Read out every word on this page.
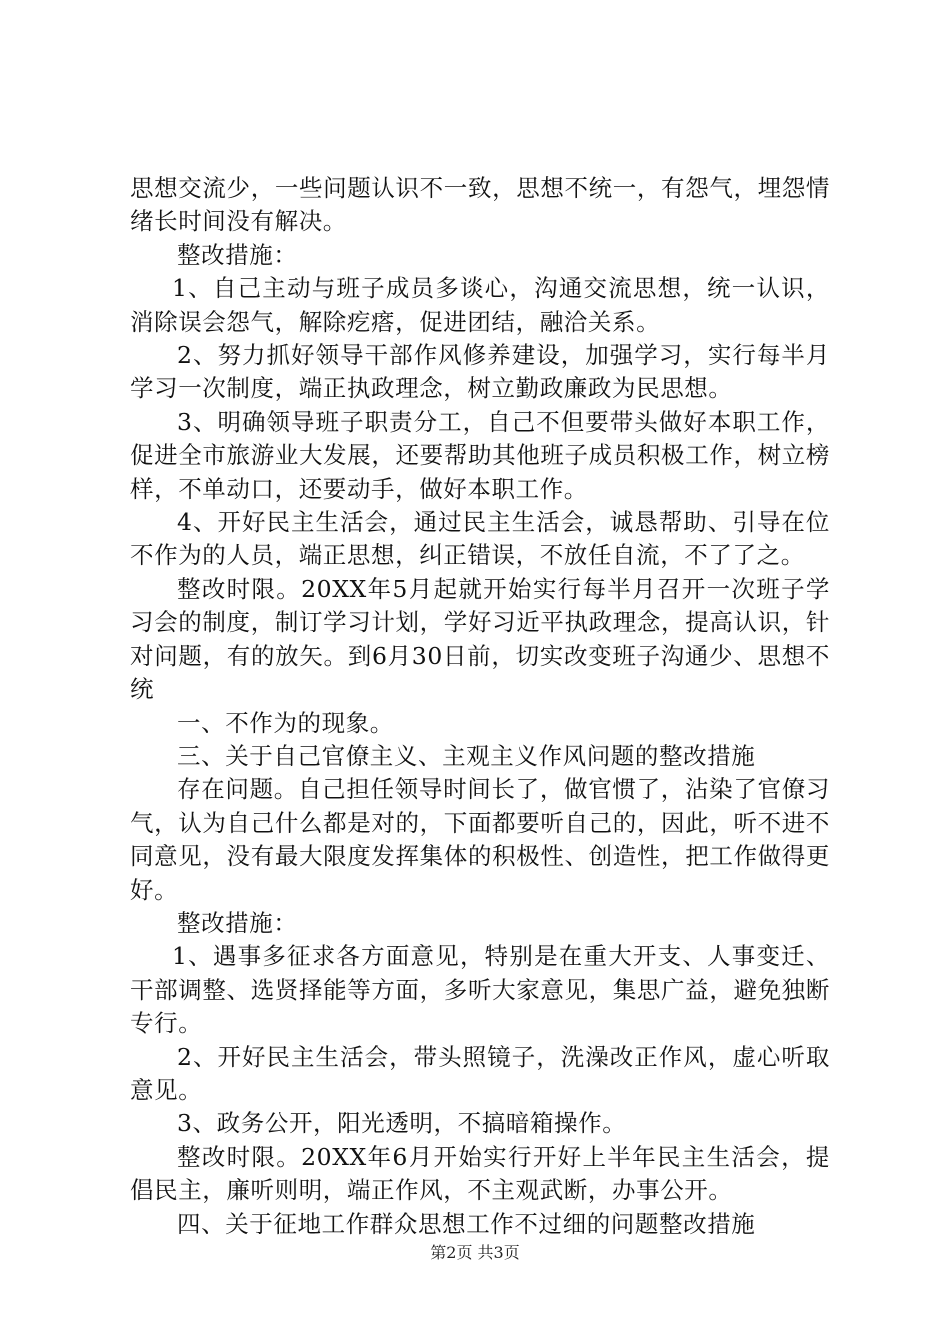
思想交流少，一些问题认识不一致，思想不统一，有怨气，埋怨情绪长时间没有解决。

整改措施：

1、自己主动与班子成员多谈心，沟通交流思想，统一认识，消除误会怨气，解除疙瘩，促进团结，融洽关系。

2、努力抓好领导干部作风修养建设，加强学习，实行每半月学习一次制度，端正执政理念，树立勤政廉政为民思想。

3、明确领导班子职责分工，自己不但要带头做好本职工作，促进全市旅游业大发展，还要帮助其他班子成员积极工作，树立榜样，不单动口，还要动手，做好本职工作。

4、开好民主生活会，通过民主生活会，诚恳帮助、引导在位不作为的人员，端正思想，纠正错误，不放任自流，不了了之。

整改时限。20XX年5月起就开始实行每半月召开一次班子学习会的制度，制订学习计划，学好习近平执政理念，提高认识，针对问题，有的放矢。到6月30日前，切实改变班子沟通少、思想不统

一、不作为的现象。

三、关于自己官僚主义、主观主义作风问题的整改措施

存在问题。自己担任领导时间长了，做官惯了，沾染了官僚习气，认为自己什么都是对的，下面都要听自己的，因此，听不进不同意见，没有最大限度发挥集体的积极性、创造性，把工作做得更好。

整改措施：

1、遇事多征求各方面意见，特别是在重大开支、人事变迁、干部调整、选贤择能等方面，多听大家意见，集思广益，避免独断专行。

2、开好民主生活会，带头照镜子，洗澡改正作风，虚心听取意见。

3、政务公开，阳光透明，不搞暗箱操作。

整改时限。20XX年6月开始实行开好上半年民主生活会，提倡民主，廉听则明，端正作风，不主观武断，办事公开。

四、关于征地工作群众思想工作不过细的问题整改措施

第2页 共3页
